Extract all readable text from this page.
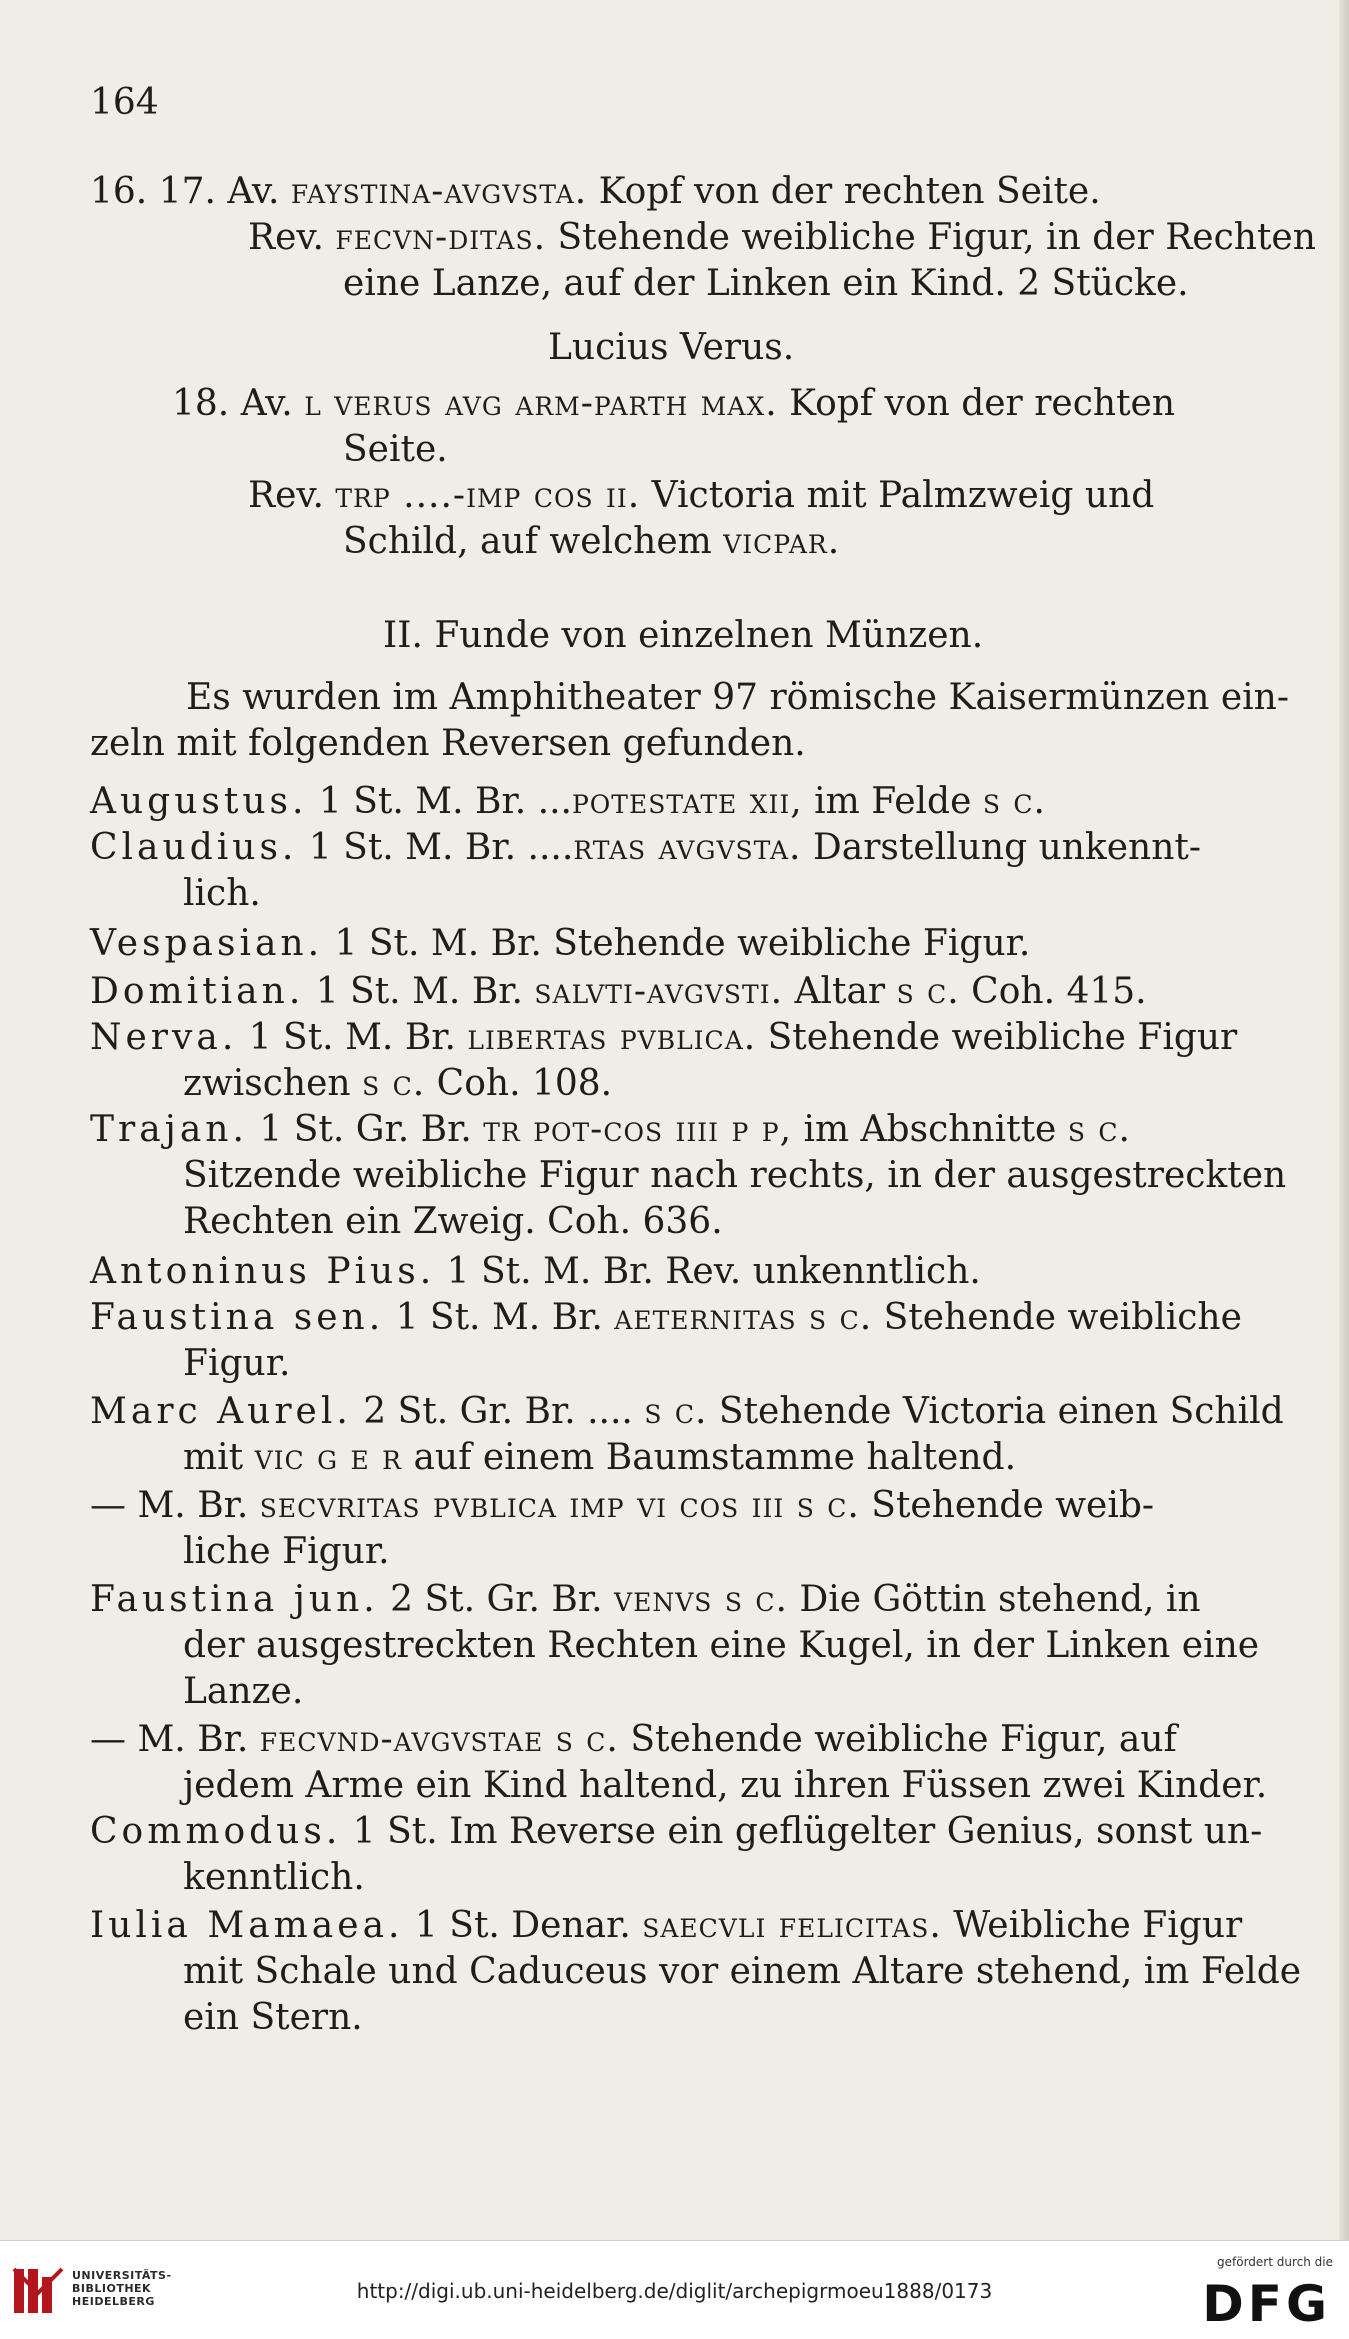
164
16. 17. Av. faystina-avgvsta. Kopf von der rechten Seite.
Rev. fecvn-ditas. Stehende weibliche Figur, in der Rechten
eine Lanze, auf der Linken ein Kind. 2 Stücke.
Lucius Verus.
18. Av. l verus avg arm-parth max. Kopf von der rechten
Seite.
Rev. trp ....-imp cos ii. Victoria mit Palmzweig und
Schild, auf welchem vicpar.
II. Funde von einzelnen Münzen.
Es wurden im Amphitheater 97 römische Kaisermünzen ein-
zeln mit folgenden Reversen gefunden.
Augustus. 1 St. M. Br. ...potestate xii, im Felde s c.
Claudius. 1 St. M. Br. ....rtas avgvsta. Darstellung unkennt-
lich.
Vespasian. 1 St. M. Br. Stehende weibliche Figur.
Domitian. 1 St. M. Br. salvti-avgvsti. Altar s c. Coh. 415.
Nerva. 1 St. M. Br. libertas pvblica. Stehende weibliche Figur
zwischen s c. Coh. 108.
Trajan. 1 St. Gr. Br. tr pot-cos iiii p p, im Abschnitte s c.
Sitzende weibliche Figur nach rechts, in der ausgestreckten
Rechten ein Zweig. Coh. 636.
Antoninus Pius. 1 St. M. Br. Rev. unkenntlich.
Faustina sen. 1 St. M. Br. aeternitas s c. Stehende weibliche
Figur.
Marc Aurel. 2 St. Gr. Br. .... s c. Stehende Victoria einen Schild
mit vic g e r auf einem Baumstamme haltend.
— M. Br. secvritas pvblica imp vi cos iii s c. Stehende weib-
liche Figur.
Faustina jun. 2 St. Gr. Br. venvs s c. Die Göttin stehend, in
der ausgestreckten Rechten eine Kugel, in der Linken eine
Lanze.
— M. Br. fecvnd-avgvstae s c. Stehende weibliche Figur, auf
jedem Arme ein Kind haltend, zu ihren Füssen zwei Kinder.
Commodus. 1 St. Im Reverse ein geflügelter Genius, sonst un-
kenntlich.
Iulia Mamaea. 1 St. Denar. saecvli felicitas. Weibliche Figur
mit Schale und Caduceus vor einem Altare stehend, im Felde
ein Stern.
UNIVERSITÄTS-
BIBLIOTHEK
HEIDELBERG	http://digi.ub.uni-heidelberg.de/diglit/archepigrmoeu1888/0173
gefördert durch die
DFG
